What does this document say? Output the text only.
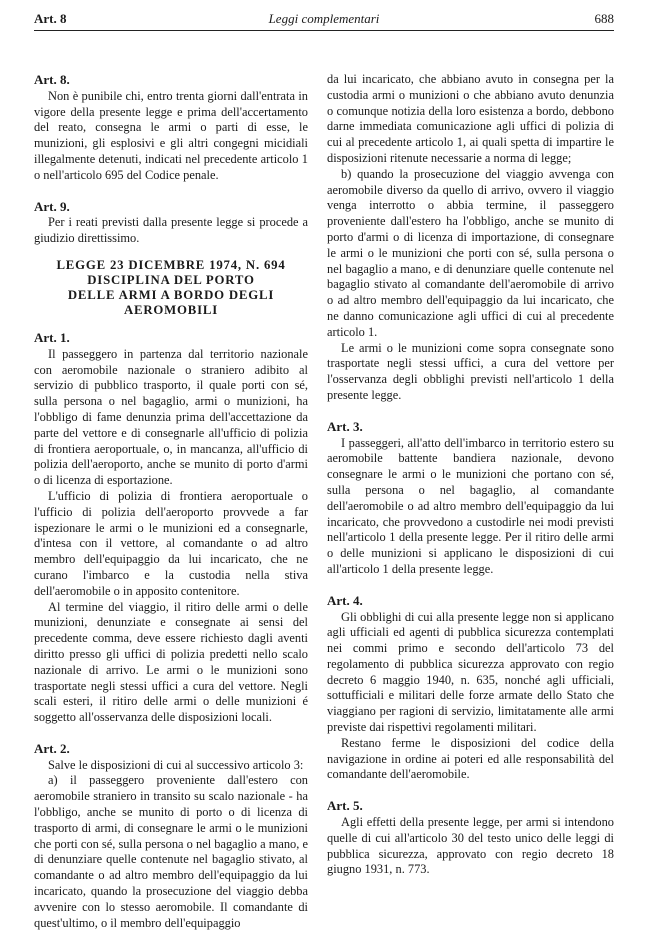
Art. 8	Leggi complementari	688
Art. 8.

Non è punibile chi, entro trenta giorni dall'entrata in vigore della presente legge e prima dell'accertamento del reato, consegna le armi o parti di esse, le munizioni, gli esplosivi e gli altri congegni micidiali illegalmente detenuti, indicati nel precedente articolo 1 o nell'articolo 695 del Codice penale.

Art. 9.

Per i reati previsti dalla presente legge si procede a giudizio direttissimo.

LEGGE 23 DICEMBRE 1974, N. 694
DISCIPLINA DEL PORTO
DELLE ARMI A BORDO DEGLI
AEROMOBILI
Art. 1.

Il passeggero in partenza dal territorio nazionale con aeromobile nazionale o straniero adibito al servizio di pubblico trasporto, il quale porti con sé, sulla persona o nel bagaglio, armi o munizioni, ha l'obbligo di fame denunzia prima dell'accettazione da parte del vettore e di consegnarle all'ufficio di polizia di frontiera aeroportuale, o, in mancanza, all'ufficio di polizia dell'aeroporto, anche se munito di porto d'armi o di licenza di esportazione.

L'ufficio di polizia di frontiera aeroportuale o l'ufficio di polizia dell'aeroporto provvede a far ispezionare le armi o le munizioni ed a consegnarle, d'intesa con il vettore, al comandante o ad altro membro dell'equipaggio da lui incaricato, che ne curano l'imbarco e la custodia nella stiva dell'aeromobile o in apposito contenitore.

Al termine del viaggio, il ritiro delle armi o delle munizioni, denunziate e consegnate ai sensi del precedente comma, deve essere richiesto dagli aventi diritto presso gli uffici di polizia predetti nello scalo nazionale di arrivo. Le armi o le munizioni sono trasportate negli stessi uffici a cura del vettore. Negli scali esteri, il ritiro delle armi o delle munizioni é soggetto all'osservanza delle disposizioni locali.

Art. 2.

Salve le disposizioni di cui al successivo articolo 3:

a) il passeggero proveniente dall'estero con aeromobile straniero in transito su scalo nazionale - ha l'obbligo, anche se munito di porto o di licenza di trasporto di armi, di consegnare le armi o le munizioni che porti con sé, sulla persona o nel bagaglio a mano, e di denunziare quelle contenute nel bagaglio stivato, al comandante o ad altro membro dell'equipaggio da lui incaricato, quando la prosecuzione del viaggio debba avvenire con lo stesso aeromobile. Il comandante di quest'ultimo, o il membro dell'equipaggio

da lui incaricato, che abbiano avuto in consegna per la custodia armi o munizioni o che abbiano avuto denunzia o comunque notizia della loro esistenza a bordo, debbono darne immediata comunicazione agli uffici di polizia di cui al precedente articolo 1, ai quali spetta di impartire le disposizioni ritenute necessarie a norma di legge;

b) quando la prosecuzione del viaggio avvenga con aeromobile diverso da quello di arrivo, ovvero il viaggio venga interrotto o abbia termine, il passeggero proveniente dall'estero ha l'obbligo, anche se munito di porto d'armi o di licenza di importazione, di consegnare le armi o le munizioni che porti con sé, sulla persona o nel bagaglio a mano, e di denunziare quelle contenute nel bagaglio stivato al comandante dell'aeromobile di arrivo o ad altro membro dell'equipaggio da lui incaricato, che ne danno comunicazione agli uffici di cui al precedente articolo 1.

Le armi o le munizioni come sopra consegnate sono trasportate negli stessi uffici, a cura del vettore per l'osservanza degli obblighi previsti nell'articolo 1 della presente legge.

Art. 3.

I passeggeri, all'atto dell'imbarco in territorio estero su aeromobile battente bandiera nazionale, devono consegnare le armi o le munizioni che portano con sé, sulla persona o nel bagaglio, al comandante dell'aeromobile o ad altro membro dell'equipaggio da lui incaricato, che provvedono a custodirle nei modi previsti nell'articolo 1 della presente legge. Per il ritiro delle armi o delle munizioni si applicano le disposizioni di cui all'articolo 1 della presente legge.

Art. 4.

Gli obblighi di cui alla presente legge non si applicano agli ufficiali ed agenti di pubblica sicurezza contemplati nei commi primo e secondo dell'articolo 73 del regolamento di pubblica sicurezza approvato con regio decreto 6 maggio 1940, n. 635, nonché agli ufficiali, sottufficiali e militari delle forze armate dello Stato che viaggiano per ragioni di servizio, limitatamente alle armi previste dai rispettivi regolamenti militari.

Restano ferme le disposizioni del codice della navigazione in ordine ai poteri ed alle responsabilità del comandante dell'aeromobile.

Art. 5.

Agli effetti della presente legge, per armi si intendono quelle di cui all'articolo 30 del testo unico delle leggi di pubblica sicurezza, approvato con regio decreto 18 giugno 1931, n. 773.
